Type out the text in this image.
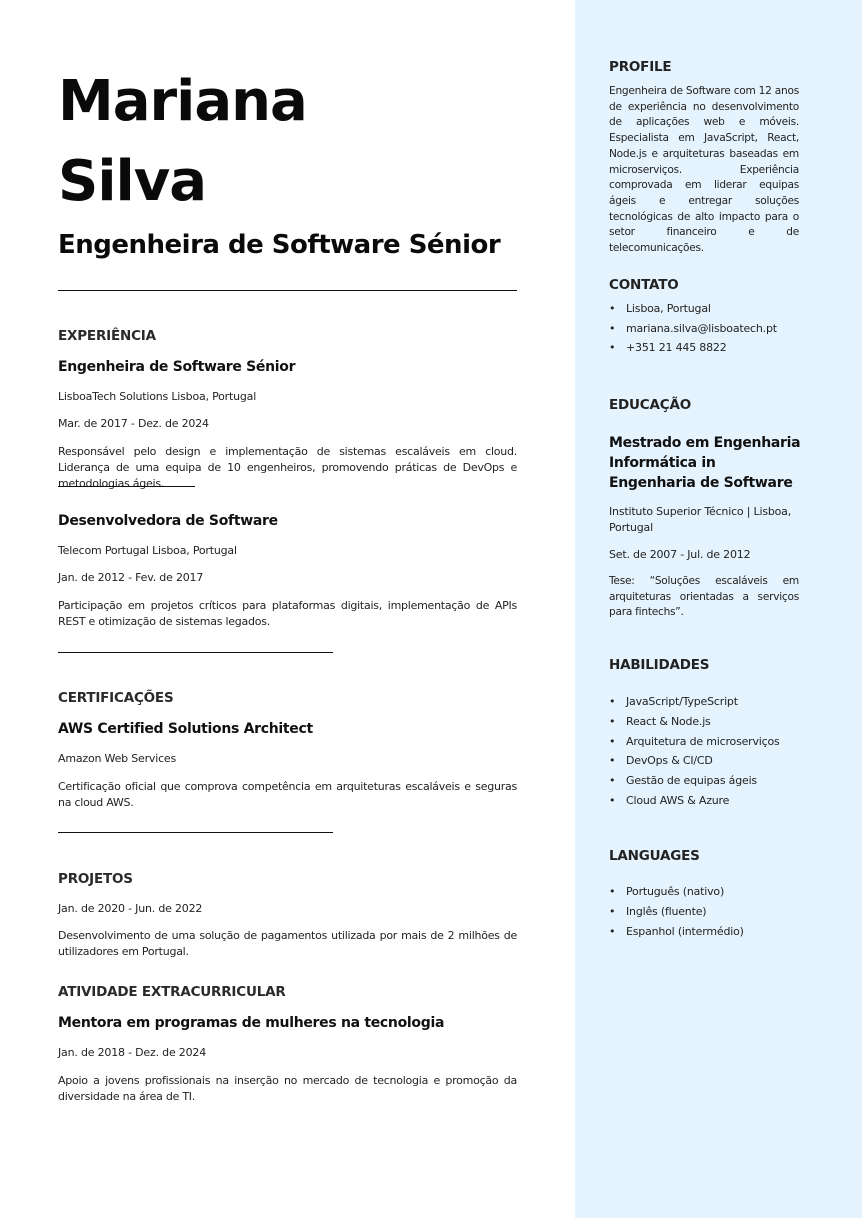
Mariana
Silva
Engenheira de Software Sénior
EXPERIÊNCIA
Engenheira de Software Sénior
LisboaTech Solutions Lisboa, Portugal
Mar. de 2017 - Dez. de 2024
Responsável pelo design e implementação de sistemas escaláveis em cloud. Liderança de uma equipa de 10 engenheiros, promovendo práticas de DevOps e metodologias ágeis.
Desenvolvedora de Software
Telecom Portugal Lisboa, Portugal
Jan. de 2012 - Fev. de 2017
Participação em projetos críticos para plataformas digitais, implementação de APIs REST e otimização de sistemas legados.
CERTIFICAÇÕES
AWS Certified Solutions Architect
Amazon Web Services
Certificação oficial que comprova competência em arquiteturas escaláveis e seguras na cloud AWS.
PROJETOS
Jan. de 2020 - Jun. de 2022
Desenvolvimento de uma solução de pagamentos utilizada por mais de 2 milhões de utilizadores em Portugal.
ATIVIDADE EXTRACURRICULAR
Mentora em programas de mulheres na tecnologia
Jan. de 2018 - Dez. de 2024
Apoio a jovens profissionais na inserção no mercado de tecnologia e promoção da diversidade na área de TI.
PROFILE
Engenheira de Software com 12 anos de experiência no desenvolvimento de aplicações web e móveis. Especialista em JavaScript, React, Node.js e arquiteturas baseadas em microserviços. Experiência comprovada em liderar equipas ágeis e entregar soluções tecnológicas de alto impacto para o setor financeiro e de telecomunicações.
CONTATO
• Lisboa, Portugal
• mariana.silva@lisboatech.pt
• +351 21 445 8822
EDUCAÇÃO
Mestrado em Engenharia Informática in Engenharia de Software
Instituto Superior Técnico | Lisboa, Portugal
Set. de 2007 - Jul. de 2012
Tese: “Soluções escaláveis em arquiteturas orientadas a serviços para fintechs”.
HABILIDADES
• JavaScript/TypeScript
• React & Node.js
• Arquitetura de microserviços
• DevOps & CI/CD
• Gestão de equipas ágeis
• Cloud AWS & Azure
LANGUAGES
• Português (nativo)
• Inglês (fluente)
• Espanhol (intermédio)
